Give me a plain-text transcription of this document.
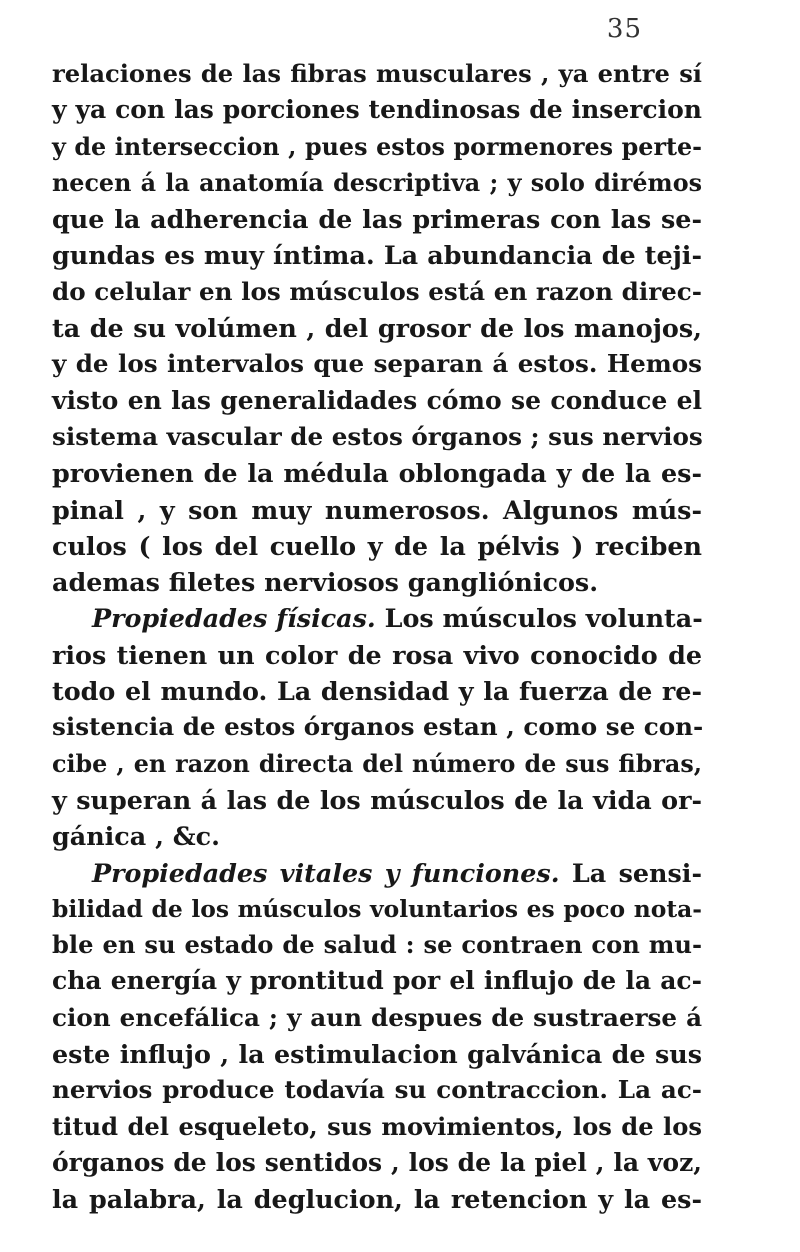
35
relaciones de las fibras musculares , ya entre sí
y ya con las porciones tendinosas de insercion
y de interseccion , pues estos pormenores perte-
necen á la anatomía descriptiva ; y solo dirémos
que la adherencia de las primeras con las se-
gundas es muy íntima. La abundancia de teji-
do celular en los músculos está en razon direc-
ta de su volúmen , del grosor de los manojos,
y de los intervalos que separan á estos. Hemos
visto en las generalidades cómo se conduce el
sistema vascular de estos órganos ; sus nervios
provienen de la médula oblongada y de la es-
pinal , y son muy numerosos. Algunos mús-
culos ( los del cuello y de la pélvis ) reciben
ademas filetes nerviosos gangliónicos.
Propiedades físicas. Los músculos volunta-
rios tienen un color de rosa vivo conocido de
todo el mundo. La densidad y la fuerza de re-
sistencia de estos órganos estan , como se con-
cibe , en razon directa del número de sus fibras,
y superan á las de los músculos de la vida or-
gánica , &c.
Propiedades vitales y funciones. La sensi-
bilidad de los músculos voluntarios es poco nota-
ble en su estado de salud : se contraen con mu-
cha energía y prontitud por el influjo de la ac-
cion encefálica ; y aun despues de sustraerse á
este influjo , la estimulacion galvánica de sus
nervios produce todavía su contraccion. La ac-
titud del esqueleto, sus movimientos, los de los
órganos de los sentidos , los de la piel , la voz,
la palabra, la deglucion, la retencion y la es-
